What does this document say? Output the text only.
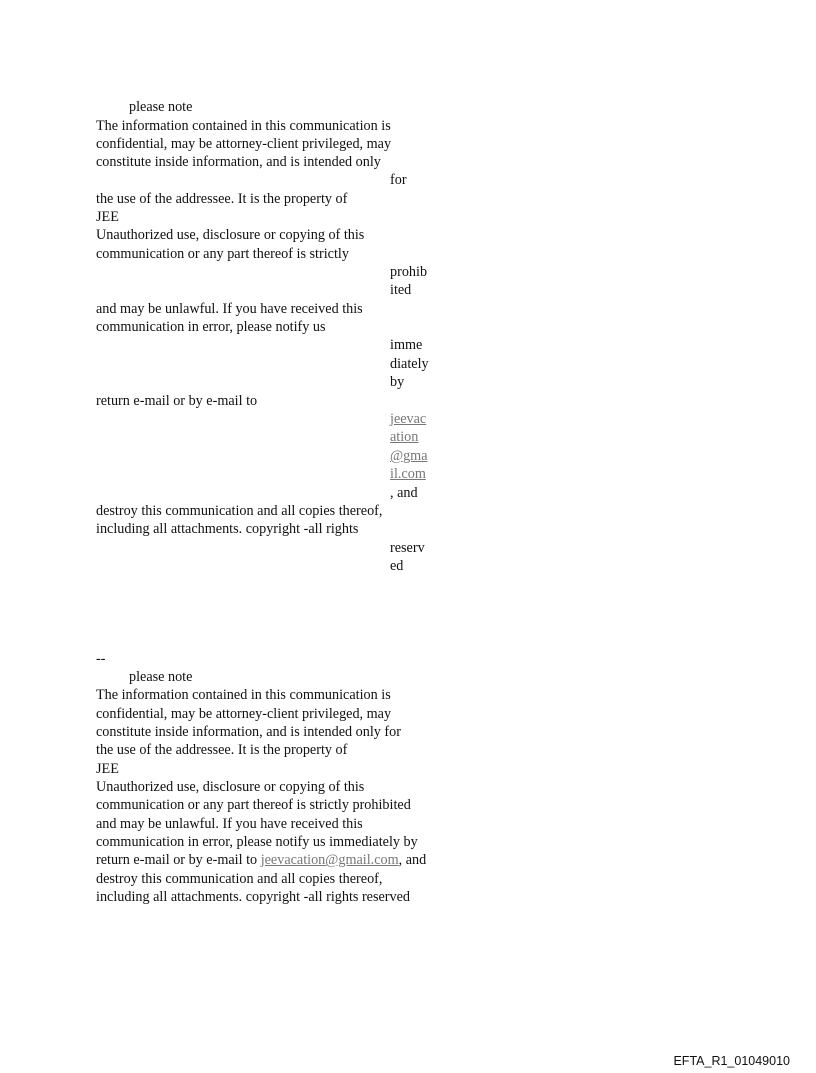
please note
The information contained in this communication is
confidential, may be attorney-client privileged, may
constitute inside information, and is intended only
for
the use of the addressee. It is the property of
JEE
Unauthorized use, disclosure or copying of this
communication or any part thereof is strictly
prohib
ited
and may be unlawful. If you have received this
communication in error, please notify us
imme
diately
by
return e-mail or by e-mail to
jeevac
ation
@gma
il.com
, and
destroy this communication and all copies thereof,
including all attachments. copyright -all rights
reserv
ed
--
please note
The information contained in this communication is
confidential, may be attorney-client privileged, may
constitute inside information, and is intended only for
the use of the addressee. It is the property of
JEE
Unauthorized use, disclosure or copying of this
communication or any part thereof is strictly prohibited
and may be unlawful. If you have received this
communication in error, please notify us immediately by
return e-mail or by e-mail to jeevacation@gmail.com, and
destroy this communication and all copies thereof,
including all attachments. copyright -all rights reserved
EFTA_R1_01049010
